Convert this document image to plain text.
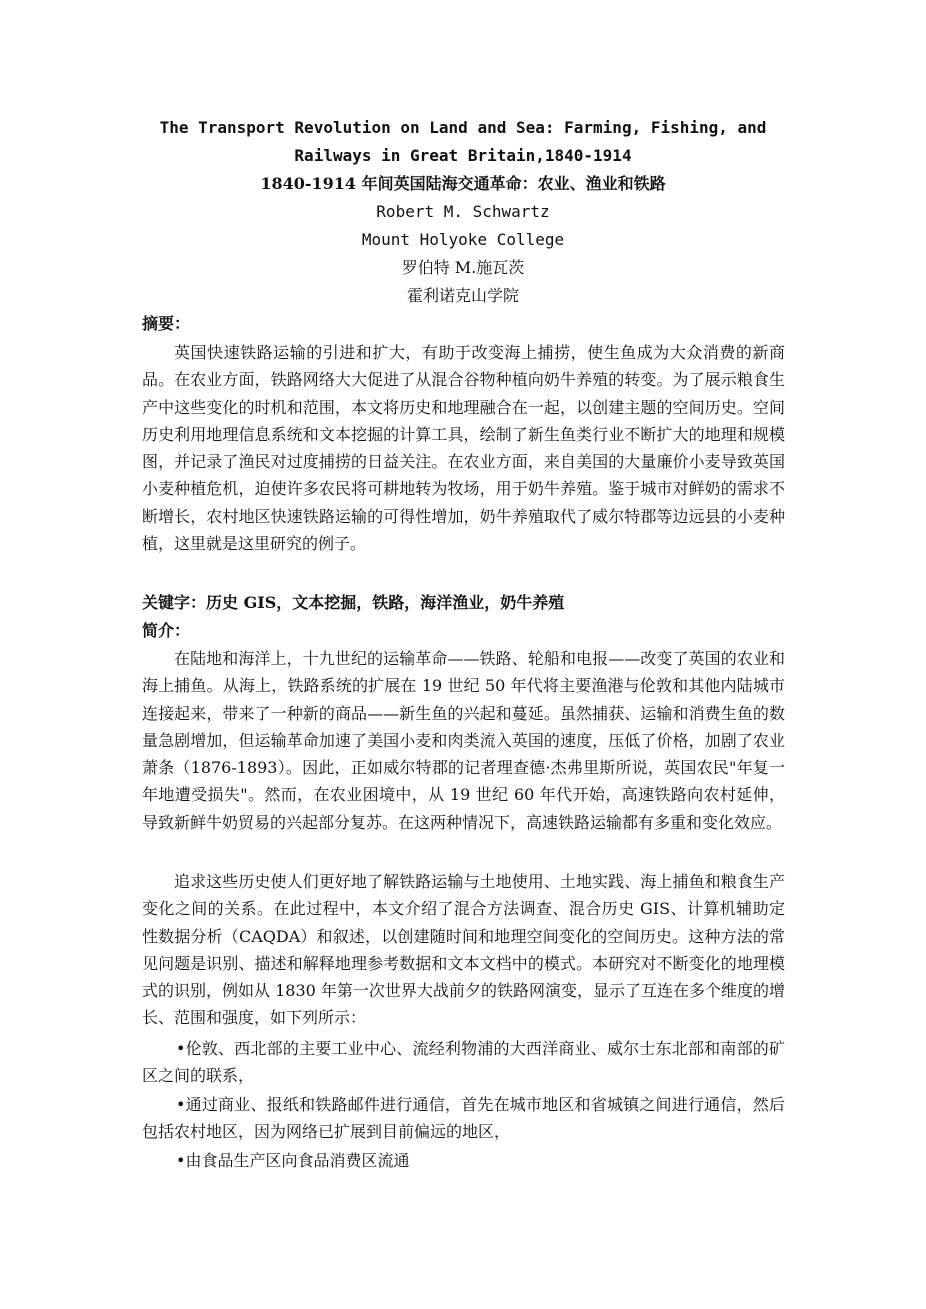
The Transport Revolution on Land and Sea: Farming, Fishing, and Railways in Great Britain,1840-1914

1840-1914 年间英国陆海交通革命：农业、渔业和铁路

Robert M. Schwartz

Mount Holyoke College

罗伯特 M.施瓦茨

霍利诺克山学院

摘要：

英国快速铁路运输的引进和扩大，有助于改变海上捕捞，使生鱼成为大众消费的新商品。在农业方面，铁路网络大大促进了从混合谷物种植向奶牛养殖的转变。为了展示粮食生产中这些变化的时机和范围，本文将历史和地理融合在一起，以创建主题的空间历史。空间历史利用地理信息系统和文本挖掘的计算工具，绘制了新生鱼类行业不断扩大的地理和规模图，并记录了渔民对过度捕捞的日益关注。在农业方面，来自美国的大量廉价小麦导致英国小麦种植危机，迫使许多农民将可耕地转为牧场，用于奶牛养殖。鉴于城市对鲜奶的需求不断增长，农村地区快速铁路运输的可得性增加，奶牛养殖取代了威尔特郡等边远县的小麦种植，这里就是这里研究的例子。

关键字：历史 GIS，文本挖掘，铁路，海洋渔业，奶牛养殖

简介：

在陆地和海洋上，十九世纪的运输革命——铁路、轮船和电报——改变了英国的农业和海上捕鱼。从海上，铁路系统的扩展在 19 世纪 50 年代将主要渔港与伦敦和其他内陆城市连接起来，带来了一种新的商品——新生鱼的兴起和蔓延。虽然捕获、运输和消费生鱼的数量急剧增加，但运输革命加速了美国小麦和肉类流入英国的速度，压低了价格，加剧了农业萧条（1876-1893）。因此，正如威尔特郡的记者理查德·杰弗里斯所说，英国农民"年复一年地遭受损失"。然而，在农业困境中，从 19 世纪 60 年代开始，高速铁路向农村延伸，导致新鲜牛奶贸易的兴起部分复苏。在这两种情况下，高速铁路运输都有多重和变化效应。

追求这些历史使人们更好地了解铁路运输与土地使用、土地实践、海上捕鱼和粮食生产变化之间的关系。在此过程中，本文介绍了混合方法调查、混合历史 GIS、计算机辅助定性数据分析（CAQDA）和叙述，以创建随时间和地理空间变化的空间历史。这种方法的常见问题是识别、描述和解释地理参考数据和文本文档中的模式。本研究对不断变化的地理模式的识别，例如从 1830 年第一次世界大战前夕的铁路网演变，显示了互连在多个维度的增长、范围和强度，如下列所示：

•伦敦、西北部的主要工业中心、流经利物浦的大西洋商业、威尔士东北部和南部的矿区之间的联系，

•通过商业、报纸和铁路邮件进行通信，首先在城市地区和省城镇之间进行通信，然后包括农村地区，因为网络已扩展到目前偏远的地区，

•由食品生产区向食品消费区流通
